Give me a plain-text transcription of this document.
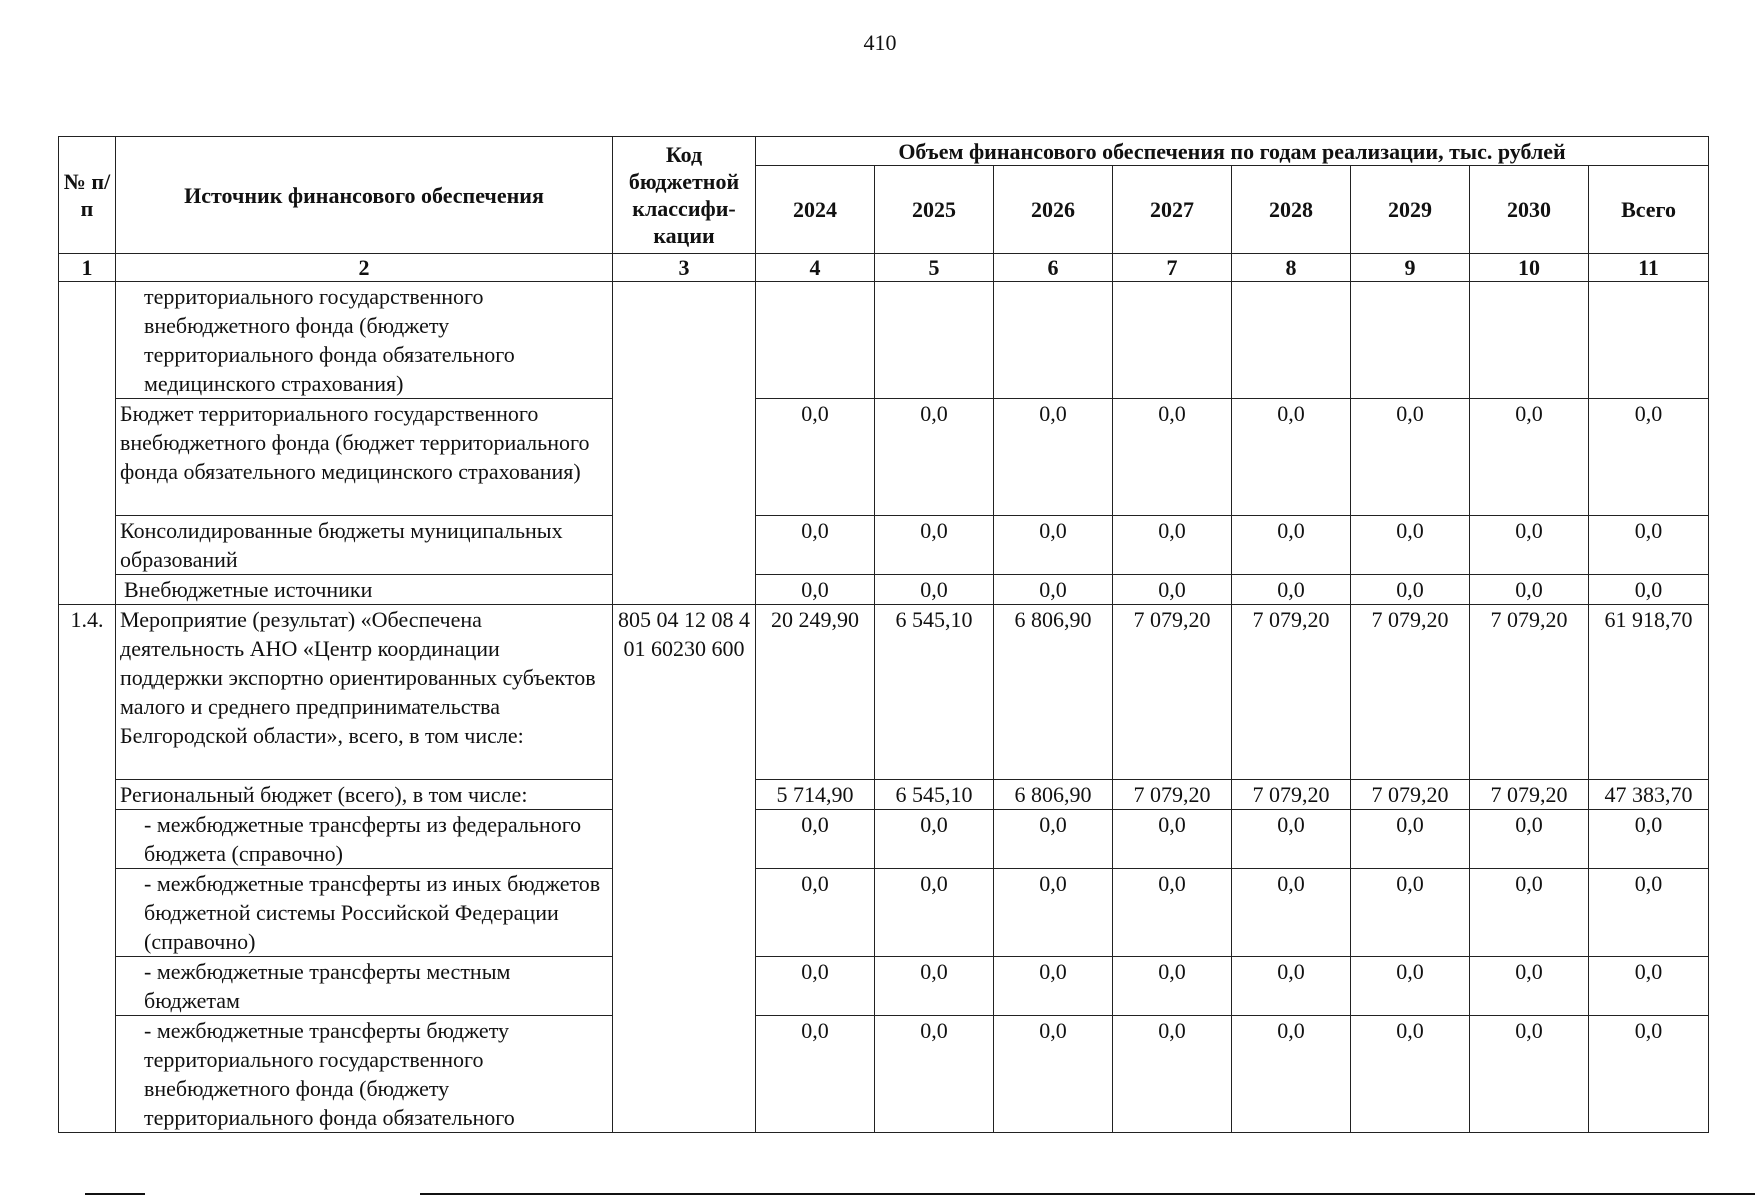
410
№ п/п	Источник финансового обеспечения	Код бюджетной классифи- кации	Объем финансового обеспечения по годам реализации, тыс. рублей							
			2024	2025	2026	2027	2028	2029	2030	Всего
1	2	3	4	5	6	7	8	9	10	11
	территориального государственного внебюджетного фонда (бюджету территориального фонда обязательного медицинского страхования)									
	Бюджет территориального государственного внебюджетного фонда (бюджет территориального фонда обязательного медицинского страхования)		0,0	0,0	0,0	0,0	0,0	0,0	0,0	0,0
	Консолидированные бюджеты муниципальных образований		0,0	0,0	0,0	0,0	0,0	0,0	0,0	0,0
	Внебюджетные источники		0,0	0,0	0,0	0,0	0,0	0,0	0,0	0,0
1.4.	Мероприятие (результат) «Обеспечена деятельность АНО «Центр координации поддержки экспортно ориентированных субъектов малого и среднего предпринимательства Белгородской области», всего, в том числе:	805 04 12 08 4 01 60230 600	20 249,90	6 545,10	6 806,90	7 079,20	7 079,20	7 079,20	7 079,20	61 918,70
	Региональный бюджет (всего), в том числе:		5 714,90	6 545,10	6 806,90	7 079,20	7 079,20	7 079,20	7 079,20	47 383,70
	- межбюджетные трансферты из федерального бюджета (справочно)		0,0	0,0	0,0	0,0	0,0	0,0	0,0	0,0
	- межбюджетные трансферты из иных бюджетов бюджетной системы Российской Федерации (справочно)		0,0	0,0	0,0	0,0	0,0	0,0	0,0	0,0
	- межбюджетные трансферты местным бюджетам		0,0	0,0	0,0	0,0	0,0	0,0	0,0	0,0
	- межбюджетные трансферты бюджету территориального государственного внебюджетного фонда (бюджету территориального фонда обязательного		0,0	0,0	0,0	0,0	0,0	0,0	0,0	0,0
